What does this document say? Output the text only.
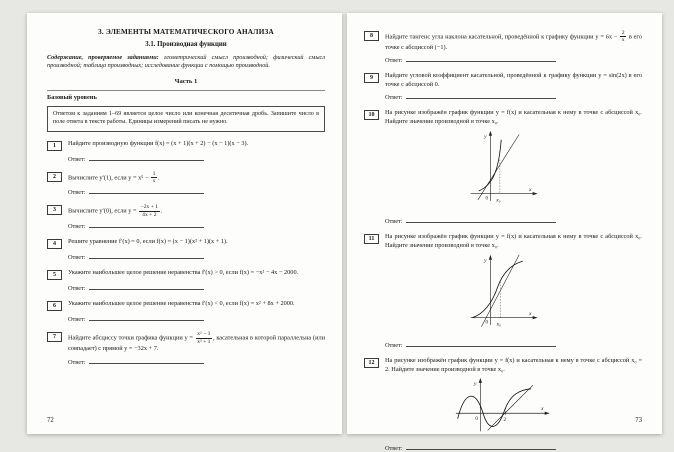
3. ЭЛЕМЕНТЫ МАТЕМАТИЧЕСКОГО АНАЛИЗА
3.1. Производная функции
Содержание, проверяемое заданиями: геометрический смысл производной; физический смысл производной; таблица производных; исследование функции с помощью производной.
Часть 1
Базовый уровень
Ответом к заданиям 1–69 является целое число или конечная десятичная дробь. Запишите число в поле ответа в тексте работы. Единицы измерений писать не нужно.
1	Найдите производную функции f(x) = (x + 1)(x + 2) − (x − 1)(x − 3).
Ответ:
2	Вычислите y′(1), если $y = x^5 - \frac{1}{x}$ .
Ответ:
3	Вычислите y′(0), если $y = \frac{-2x + 1}{4x + 2}$ .
Ответ:
4	Решите уравнение f′(x) = 0, если f(x) = (x − 1)(x² + 1)(x + 1).
Ответ:
5	Укажите наибольшее целое решение неравенства f′(x) > 0, если f(x) = −x² − 4x − 2000.
Ответ:
6	Укажите наибольшее целое решение неравенства f′(x) < 0, если f(x) = x² + 8x + 2000.
Ответ:
7	Найдите абсциссу точки графика функции $y = \frac{\text{x² − 1}}{\text{x² + 1}}$ , касательная в которой параллельна (или совпадает) с прямой y = −32x + 7.
Ответ:
72
8	Найдите тангенс угла наклона касательной, проведённой к графику функции $y = 6x - \frac{2}{x}$ в его точке с абсциссой (−1).
Ответ:
9	Найдите угловой коэффициент касательной, проведённой к графику функции y = sin(2x) в его точке с абсциссой 0.
Ответ:
10	На рисунке изображён график функции y = f(x) и касательная к нему в точке с абсциссой x₀. Найдите значение производной в точке x₀.
y
x
0 x₀
Ответ:
11	На рисунке изображён график функции y = f(x) и касательная к нему в точке с абсциссой x₀. Найдите значение производной в точке x₀.
y
x
0 x₀
Ответ:
12	На рисунке изображён график функции y = f(x) и касательная к нему в точке с абсциссой x₀ = 2. Найдите значение производной в точке x₀.
y
x
0	2
Ответ:
73
